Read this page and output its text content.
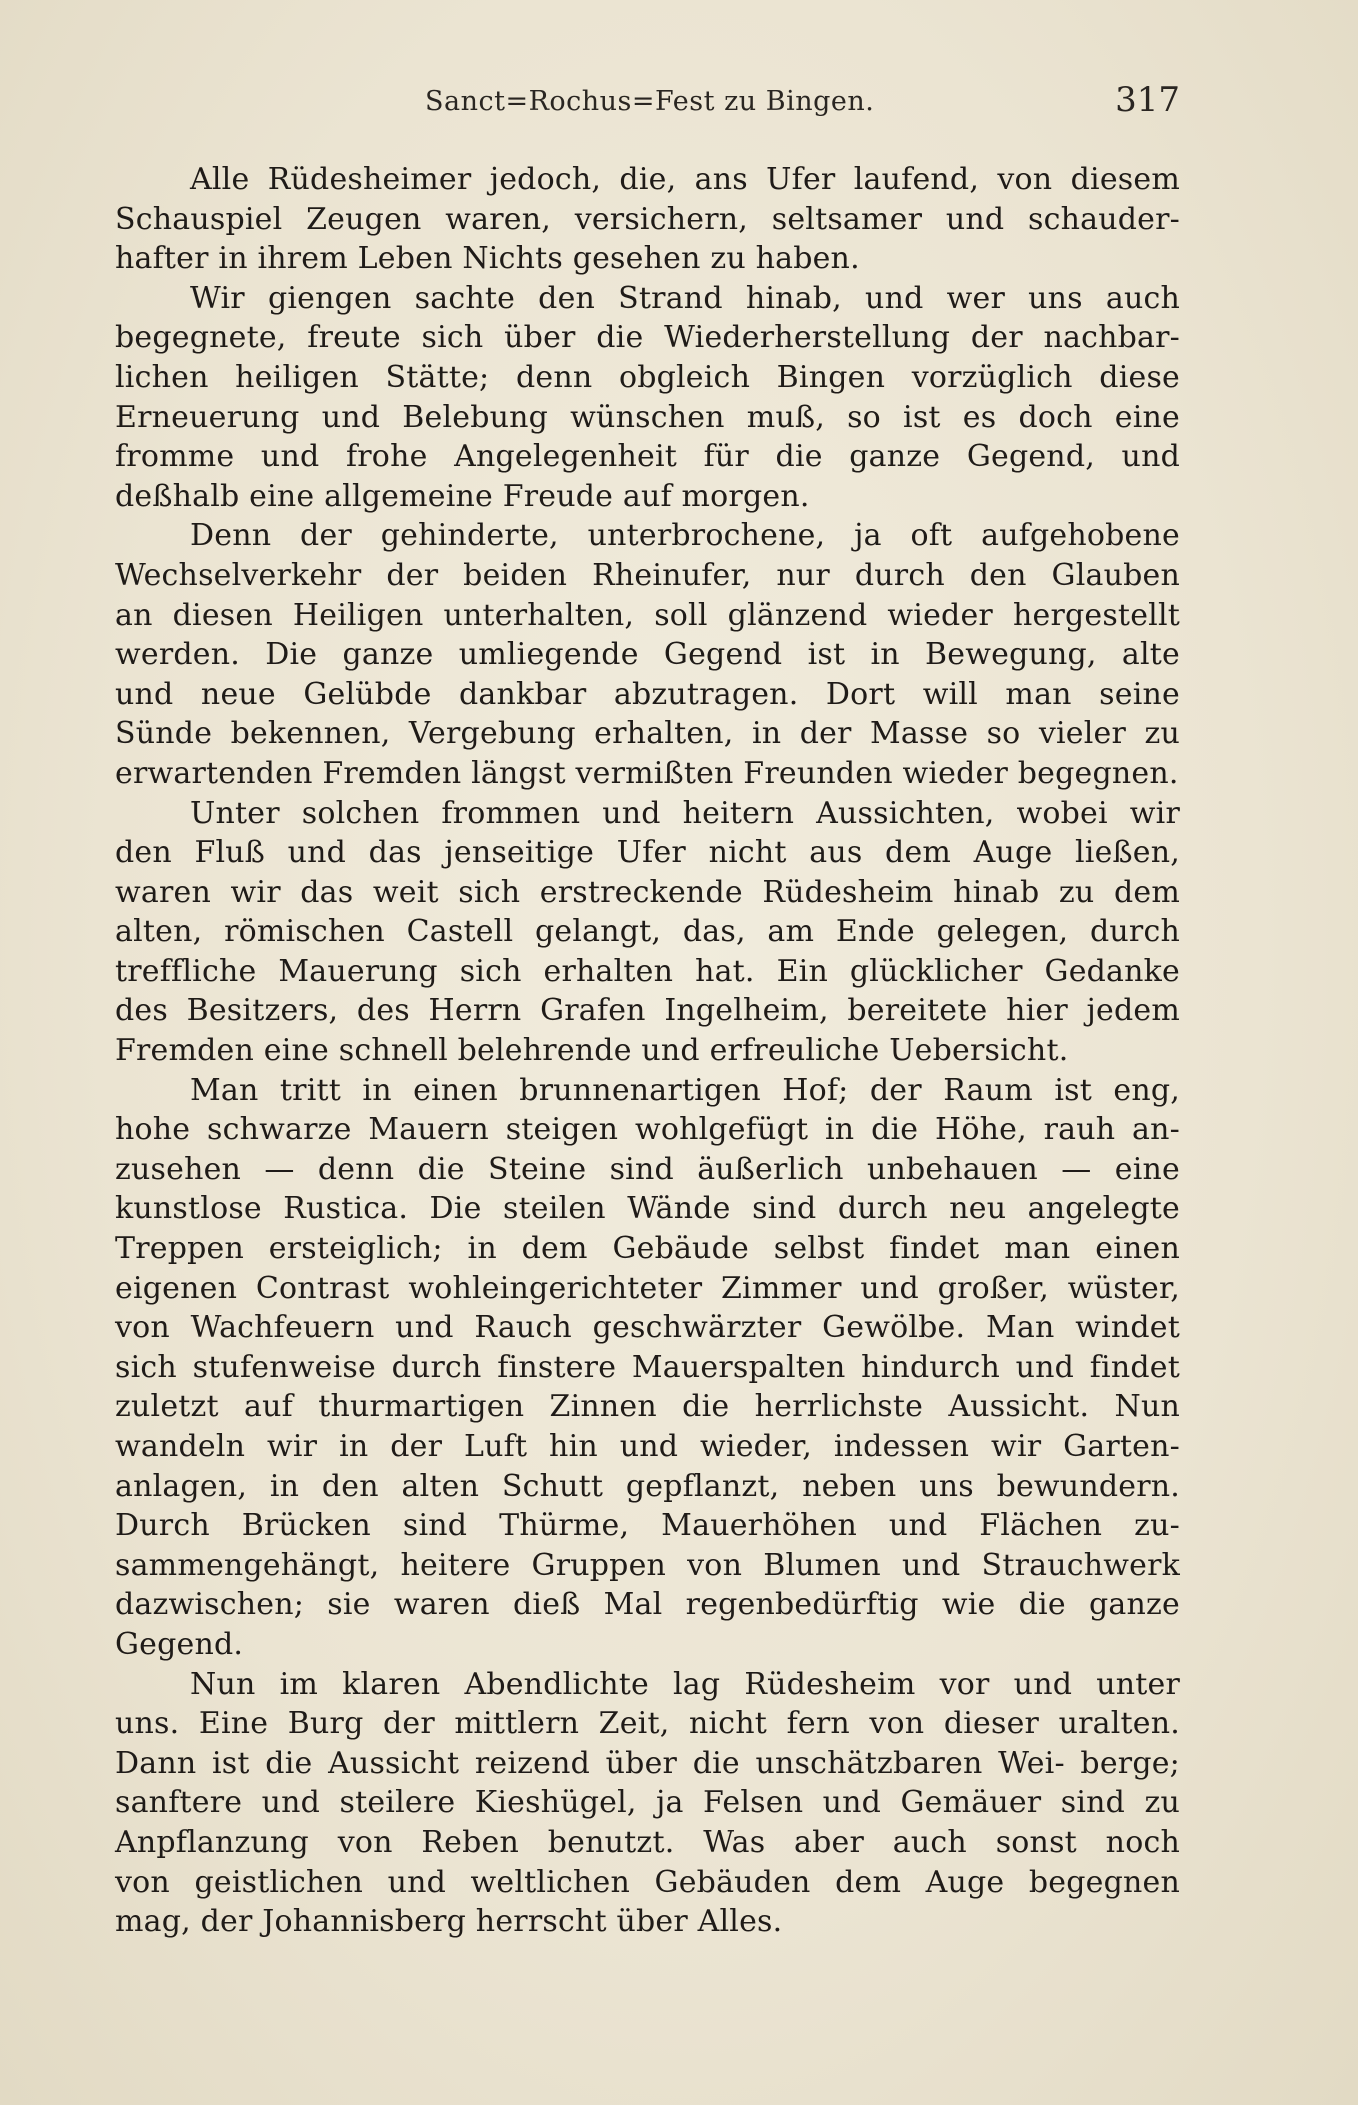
Sanct=Rochus=Fest zu Bingen.	317
Alle Rüdesheimer jedoch, die, ans Ufer laufend, von diesem
Schauspiel Zeugen waren, versichern, seltsamer und schauder-
hafter in ihrem Leben Nichts gesehen zu haben.
Wir giengen sachte den Strand hinab, und wer uns auch
begegnete, freute sich über die Wiederherstellung der nachbar-
lichen heiligen Stätte; denn obgleich Bingen vorzüglich diese
Erneuerung und Belebung wünschen muß, so ist es doch eine
fromme und frohe Angelegenheit für die ganze Gegend, und
deßhalb eine allgemeine Freude auf morgen.
Denn der gehinderte, unterbrochene, ja oft aufgehobene
Wechselverkehr der beiden Rheinufer, nur durch den Glauben
an diesen Heiligen unterhalten, soll glänzend wieder hergestellt
werden. Die ganze umliegende Gegend ist in Bewegung, alte
und neue Gelübde dankbar abzutragen. Dort will man seine
Sünde bekennen, Vergebung erhalten, in der Masse so vieler zu
erwartenden Fremden längst vermißten Freunden wieder begegnen.
Unter solchen frommen und heitern Aussichten, wobei wir
den Fluß und das jenseitige Ufer nicht aus dem Auge ließen,
waren wir das weit sich erstreckende Rüdesheim hinab zu dem
alten, römischen Castell gelangt, das, am Ende gelegen, durch
treffliche Mauerung sich erhalten hat. Ein glücklicher Gedanke
des Besitzers, des Herrn Grafen Ingelheim, bereitete hier jedem
Fremden eine schnell belehrende und erfreuliche Uebersicht.
Man tritt in einen brunnenartigen Hof; der Raum ist eng,
hohe schwarze Mauern steigen wohlgefügt in die Höhe, rauh an-
zusehen — denn die Steine sind äußerlich unbehauen — eine
kunstlose Rustica. Die steilen Wände sind durch neu angelegte
Treppen ersteiglich; in dem Gebäude selbst findet man einen
eigenen Contrast wohleingerichteter Zimmer und großer, wüster,
von Wachfeuern und Rauch geschwärzter Gewölbe. Man windet
sich stufenweise durch finstere Mauerspalten hindurch und findet
zuletzt auf thurmartigen Zinnen die herrlichste Aussicht. Nun
wandeln wir in der Luft hin und wieder, indessen wir Garten-
anlagen, in den alten Schutt gepflanzt, neben uns bewundern.
Durch Brücken sind Thürme, Mauerhöhen und Flächen zu-
sammengehängt, heitere Gruppen von Blumen und Strauchwerk
dazwischen; sie waren dieß Mal regenbedürftig wie die ganze
Gegend.
Nun im klaren Abendlichte lag Rüdesheim vor und unter
uns. Eine Burg der mittlern Zeit, nicht fern von dieser uralten.
Dann ist die Aussicht reizend über die unschätzbaren Wei- berge;
sanftere und steilere Kieshügel, ja Felsen und Gemäuer sind zu
Anpflanzung von Reben benutzt. Was aber auch sonst noch
von geistlichen und weltlichen Gebäuden dem Auge begegnen
mag, der Johannisberg herrscht über Alles.
